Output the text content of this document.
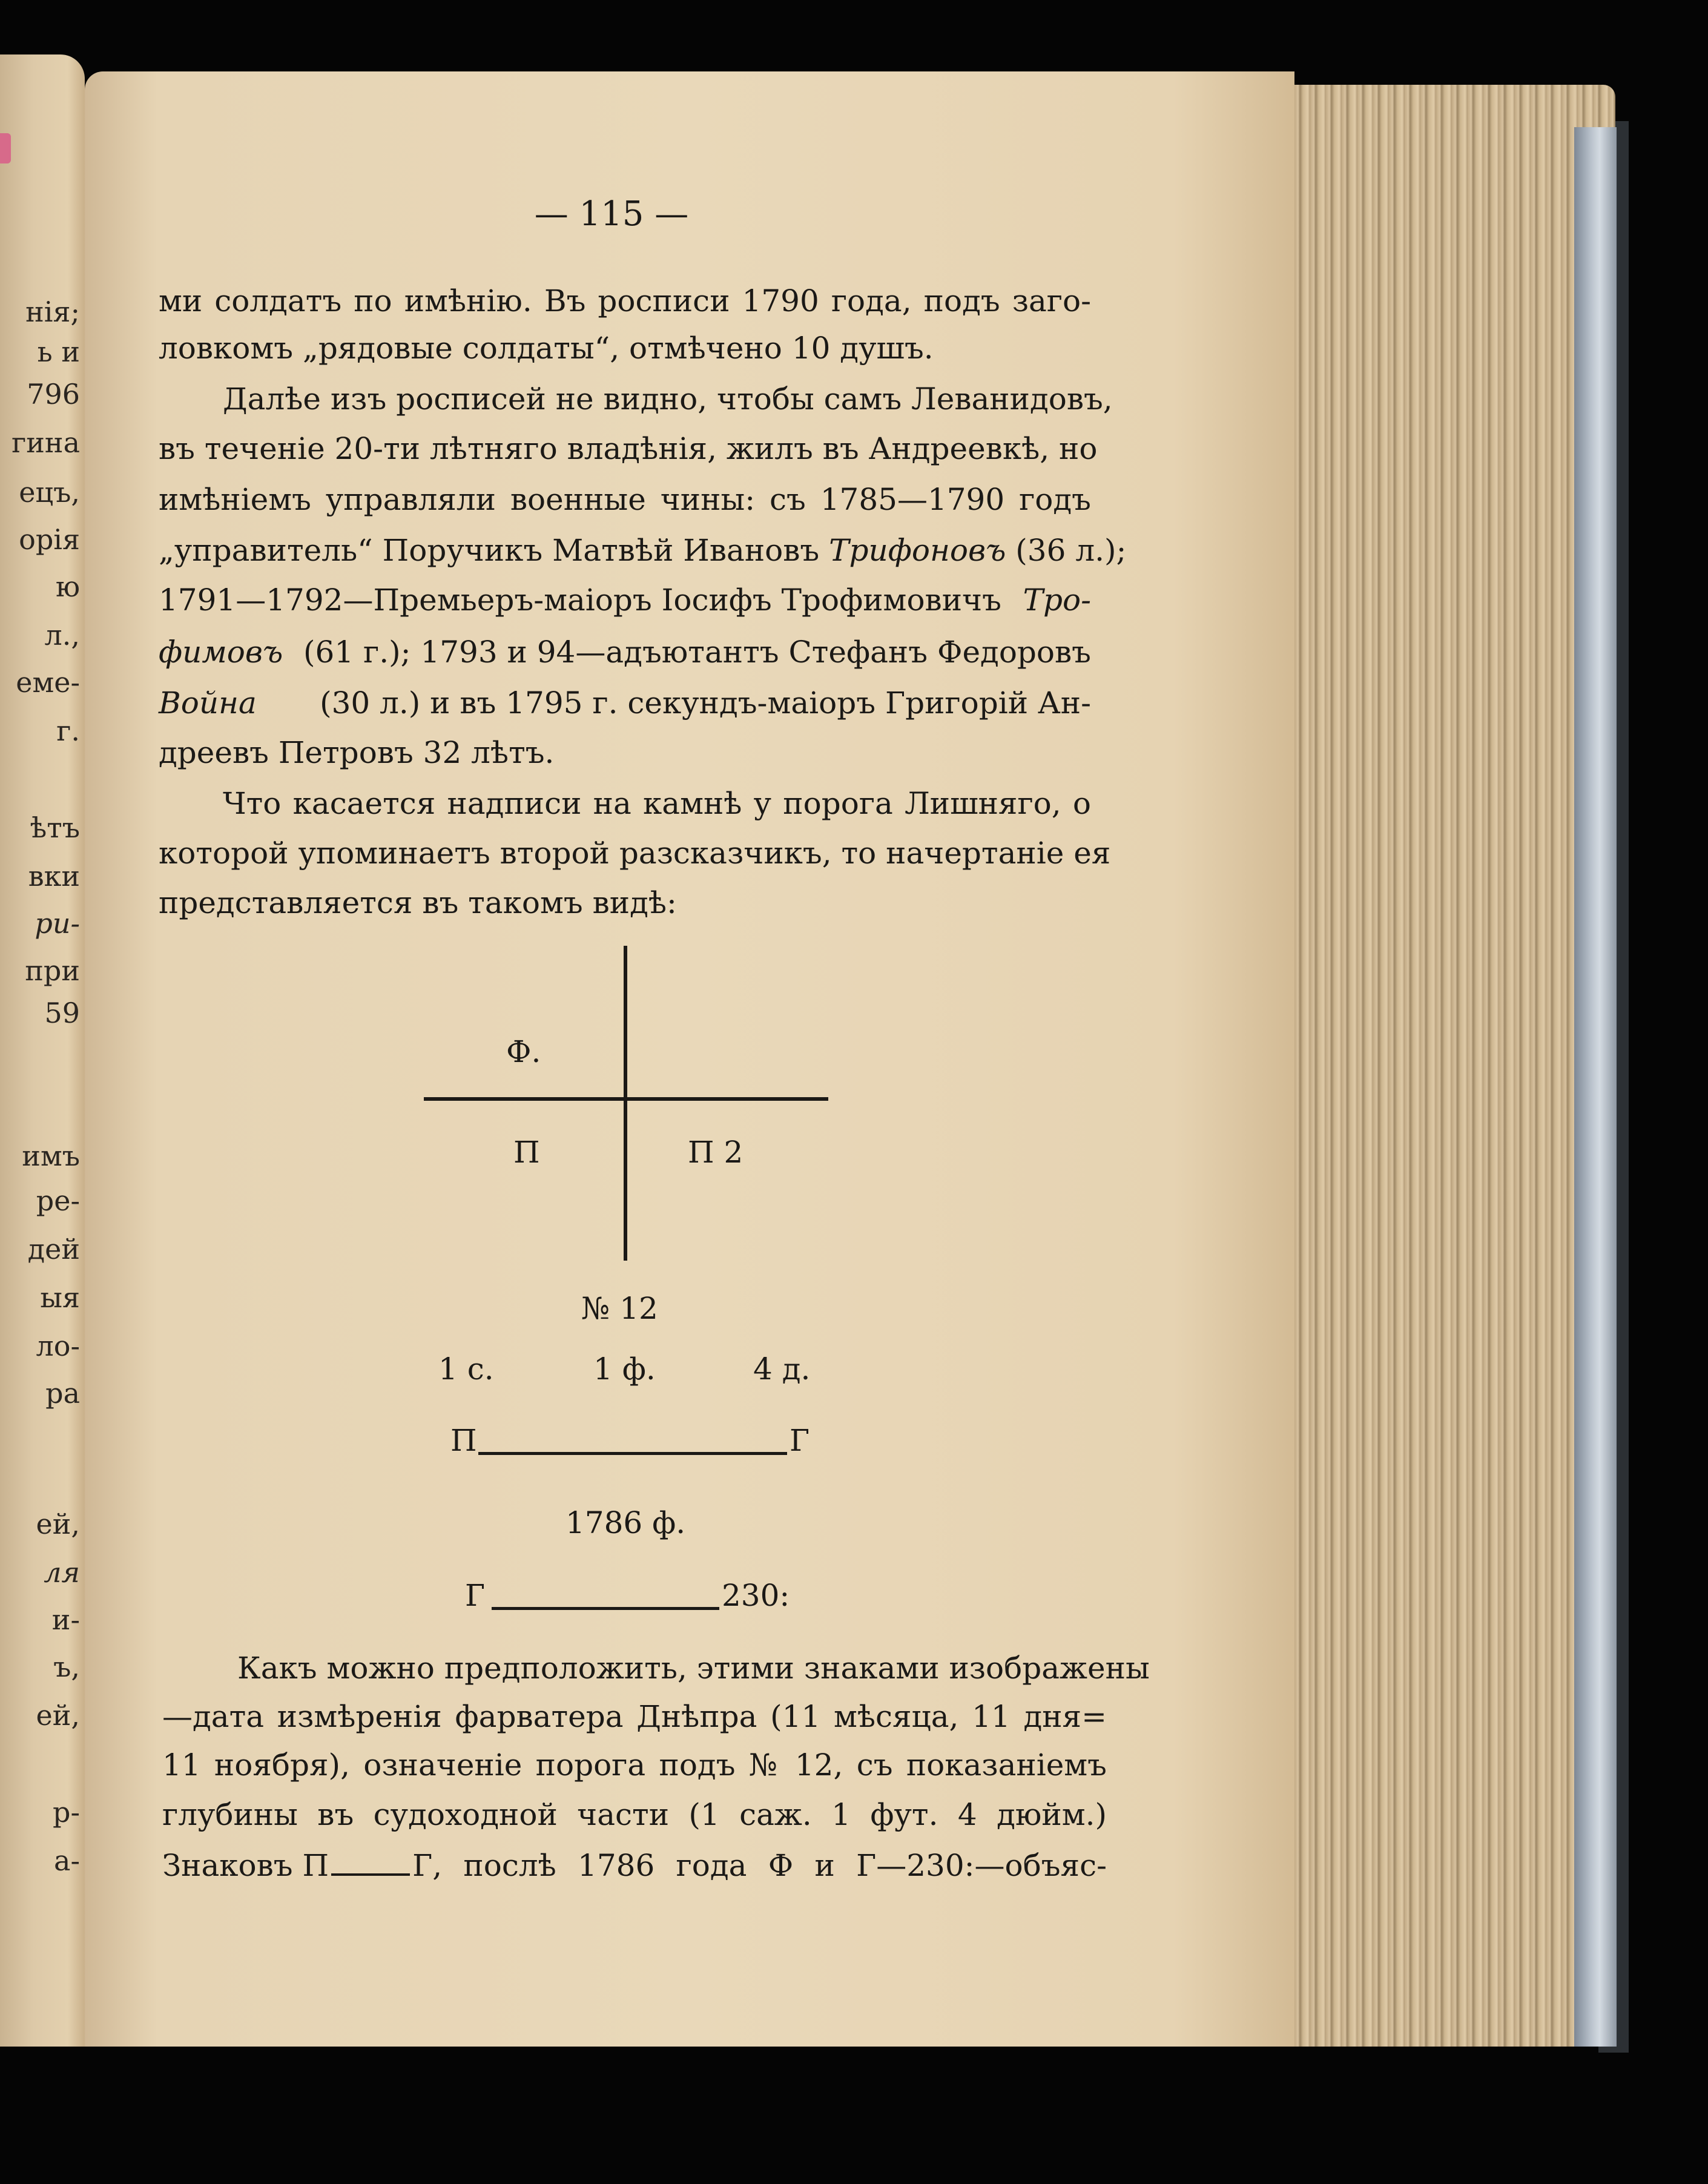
нія;
ь и
796
гина
ецъ,
орія
ю
л.,
еме-
г.
ѣтъ
вки
ри-
при
59
имъ
ре-
дей
ыя
ло-
ра
ей,
ля
и-
ъ,
ей,
р-
а-
— 115 —
ми солдатъ по имѣнію. Въ росписи 1790 года, подъ заго-
ловкомъ „рядовые солдаты“, отмѣчено 10 душъ.
Далѣе изъ росписей не видно, чтобы самъ Леванидовъ,
въ теченіе 20-ти лѣтняго владѣнія, жилъ въ Андреевкѣ, но
имѣніемъ управляли военные чины: съ 1785—1790 годъ
„управитель“ Поручикъ Матвѣй Ивановъ Трифоновъ (36 л.);
1791—1792—Премьеръ-маіоръ Іосифъ Трофимовичъ Тро-
фимовъ (61 г.); 1793 и 94—адъютантъ Стефанъ Федоровъ
Война (30 л.) и въ 1795 г. секундъ-маіоръ Григорій Ан-
дреевъ Петровъ 32 лѣтъ.
Что касается надписи на камнѣ у порога Лишняго, о
которой упоминаетъ второй разсказчикъ, то начертаніе ея
представляется въ такомъ видѣ:
Ф.
П	П 2
№ 12
1 с.	1 ф.	4 д.
П	Г
1786 ф.
Г	230:
Какъ можно предположить, этими знаками изображены
—дата измѣренія фарватера Днѣпра (11 мѣсяца, 11 дня=
11 ноября), означеніе порога подъ № 12, съ показаніемъ
глубины въ судоходной части (1 саж. 1 фут. 4 дюйм.)
Знаковъ П	Г, послѣ 1786 года Ф и Г—230:—объяс-
